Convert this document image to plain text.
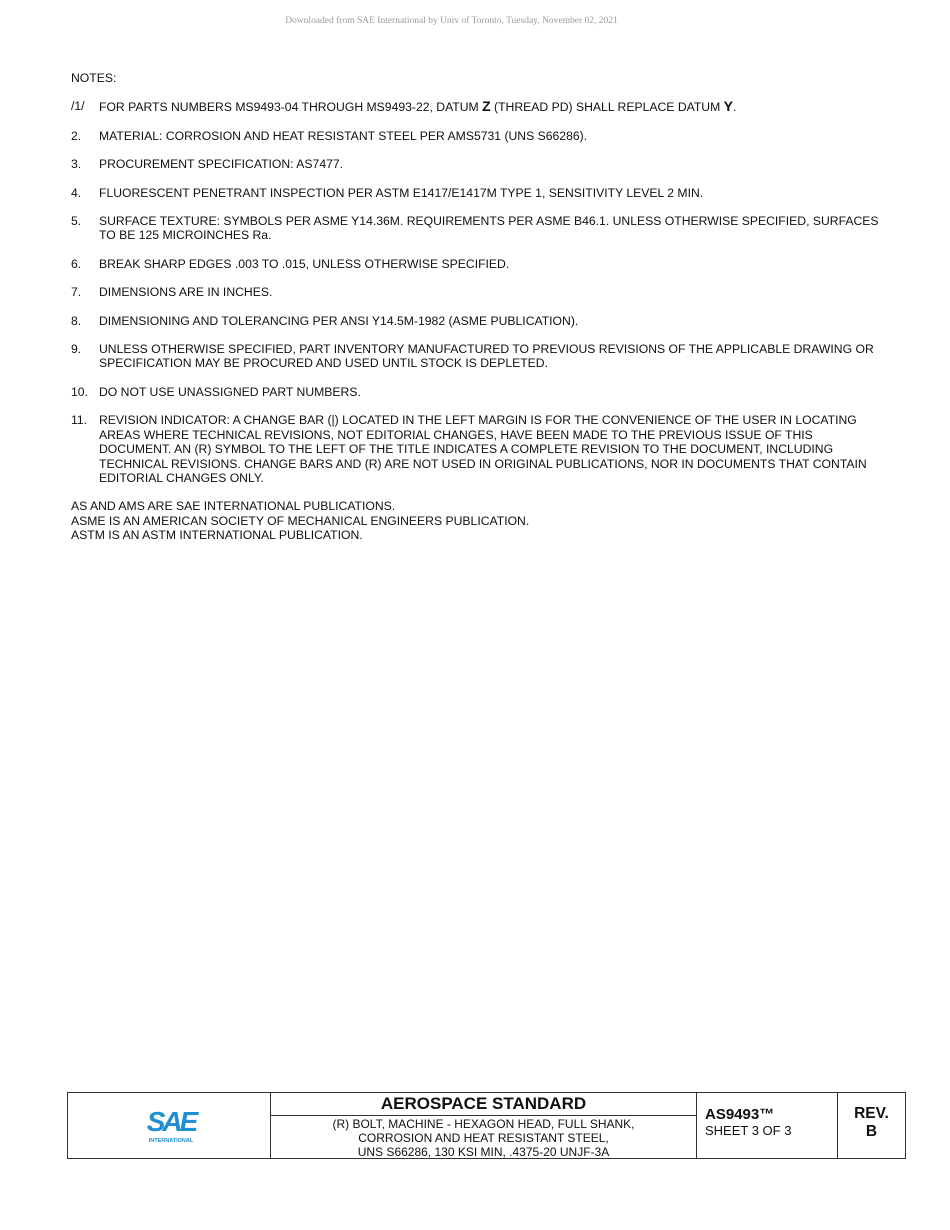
Downloaded from SAE International by Univ of Toronto, Tuesday, November 02, 2021
NOTES:
/1/	FOR PARTS NUMBERS MS9493-04 THROUGH MS9493-22, DATUM Z (THREAD PD) SHALL REPLACE DATUM Y.
2.	MATERIAL: CORROSION AND HEAT RESISTANT STEEL PER AMS5731 (UNS S66286).
3.	PROCUREMENT SPECIFICATION: AS7477.
4.	FLUORESCENT PENETRANT INSPECTION PER ASTM E1417/E1417M TYPE 1, SENSITIVITY LEVEL 2 MIN.
5.	SURFACE TEXTURE: SYMBOLS PER ASME Y14.36M. REQUIREMENTS PER ASME B46.1. UNLESS OTHERWISE SPECIFIED, SURFACES TO BE 125 MICROINCHES Ra.
6.	BREAK SHARP EDGES .003 TO .015, UNLESS OTHERWISE SPECIFIED.
7.	DIMENSIONS ARE IN INCHES.
8.	DIMENSIONING AND TOLERANCING PER ANSI Y14.5M-1982 (ASME PUBLICATION).
9.	UNLESS OTHERWISE SPECIFIED, PART INVENTORY MANUFACTURED TO PREVIOUS REVISIONS OF THE APPLICABLE DRAWING OR SPECIFICATION MAY BE PROCURED AND USED UNTIL STOCK IS DEPLETED.
10. DO NOT USE UNASSIGNED PART NUMBERS.
11. REVISION INDICATOR: A CHANGE BAR (|) LOCATED IN THE LEFT MARGIN IS FOR THE CONVENIENCE OF THE USER IN LOCATING AREAS WHERE TECHNICAL REVISIONS, NOT EDITORIAL CHANGES, HAVE BEEN MADE TO THE PREVIOUS ISSUE OF THIS DOCUMENT. AN (R) SYMBOL TO THE LEFT OF THE TITLE INDICATES A COMPLETE REVISION TO THE DOCUMENT, INCLUDING TECHNICAL REVISIONS. CHANGE BARS AND (R) ARE NOT USED IN ORIGINAL PUBLICATIONS, NOR IN DOCUMENTS THAT CONTAIN EDITORIAL CHANGES ONLY.
AS AND AMS ARE SAE INTERNATIONAL PUBLICATIONS.
ASME IS AN AMERICAN SOCIETY OF MECHANICAL ENGINEERS PUBLICATION.
ASTM IS AN ASTM INTERNATIONAL PUBLICATION.
SAE
INTERNATIONAL
AEROSPACE STANDARD
(R) BOLT, MACHINE - HEXAGON HEAD, FULL SHANK,
CORROSION AND HEAT RESISTANT STEEL,
UNS S66286, 130 KSI MIN, .4375-20 UNJF-3A
AS9493™
SHEET 3 OF 3
REV.
B
